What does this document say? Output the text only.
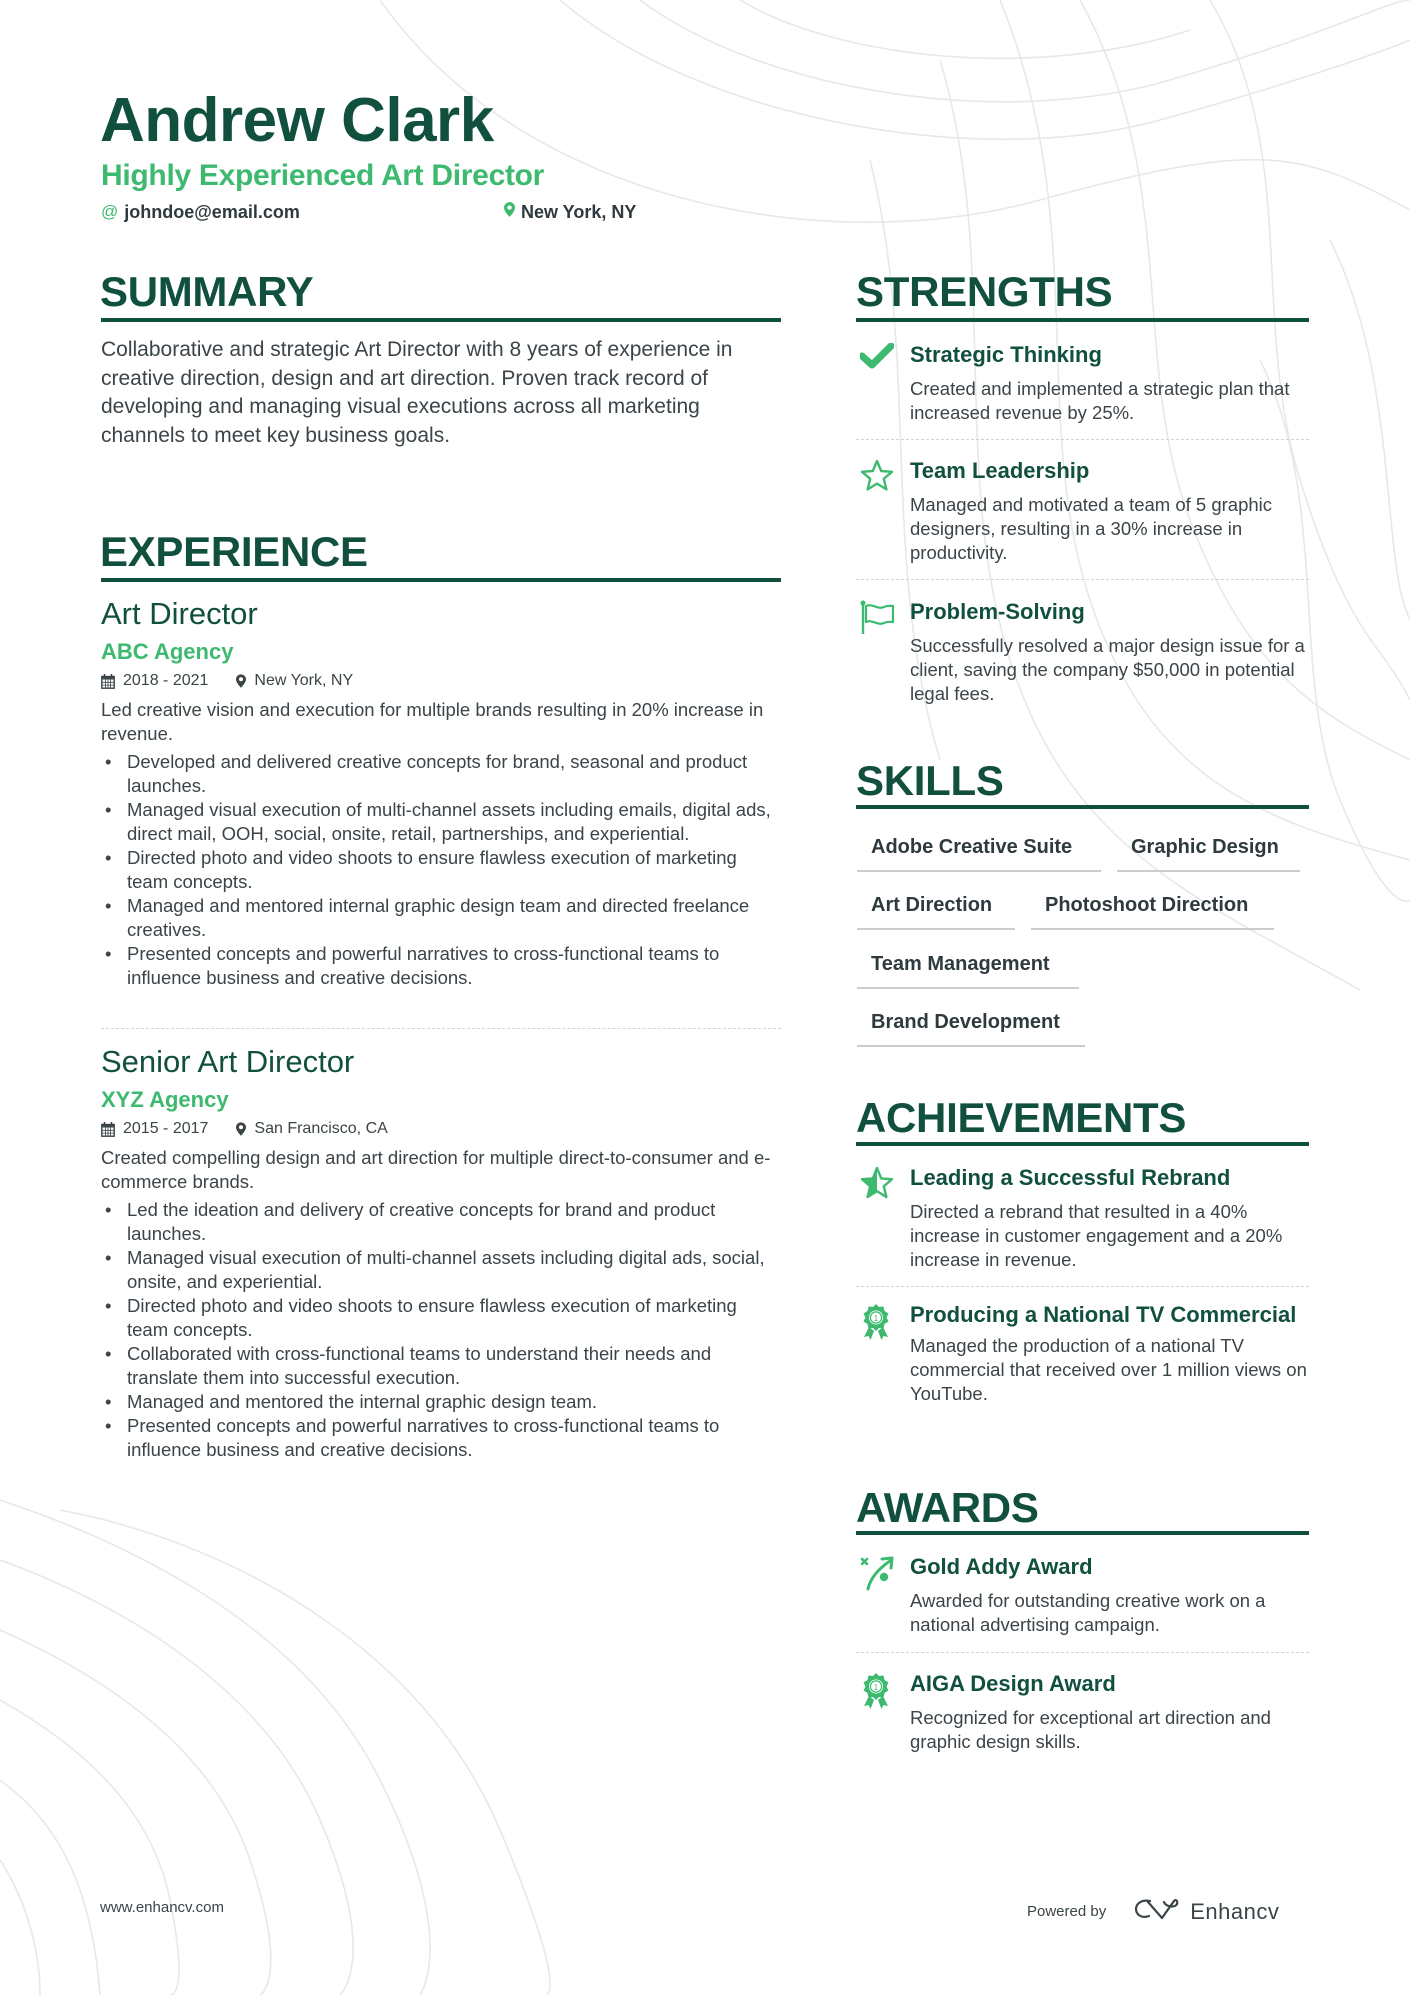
Andrew Clark
Highly Experienced Art Director
@ johndoe@email.com	New York, NY
SUMMARY
Collaborative and strategic Art Director with 8 years of experience in creative direction, design and art direction. Proven track record of developing and managing visual executions across all marketing channels to meet key business goals.
EXPERIENCE
Art Director
ABC Agency
2018 - 2021	New York, NY
Led creative vision and execution for multiple brands resulting in 20% increase in revenue.
• Developed and delivered creative concepts for brand, seasonal and product launches.
• Managed visual execution of multi-channel assets including emails, digital ads, direct mail, OOH, social, onsite, retail, partnerships, and experiential.
• Directed photo and video shoots to ensure flawless execution of marketing team concepts.
• Managed and mentored internal graphic design team and directed freelance creatives.
• Presented concepts and powerful narratives to cross-functional teams to influence business and creative decisions.
Senior Art Director
XYZ Agency
2015 - 2017	San Francisco, CA
Created compelling design and art direction for multiple direct-to-consumer and e-commerce brands.
• Led the ideation and delivery of creative concepts for brand and product launches.
• Managed visual execution of multi-channel assets including digital ads, social, onsite, and experiential.
• Directed photo and video shoots to ensure flawless execution of marketing team concepts.
• Collaborated with cross-functional teams to understand their needs and translate them into successful execution.
• Managed and mentored the internal graphic design team.
• Presented concepts and powerful narratives to cross-functional teams to influence business and creative decisions.
STRENGTHS
Strategic Thinking
Created and implemented a strategic plan that increased revenue by 25%.
Team Leadership
Managed and motivated a team of 5 graphic designers, resulting in a 30% increase in productivity.
Problem-Solving
Successfully resolved a major design issue for a client, saving the company $50,000 in potential legal fees.
SKILLS
Adobe Creative Suite	Graphic Design
Art Direction	Photoshoot Direction
Team Management
Brand Development
ACHIEVEMENTS
Leading a Successful Rebrand
Directed a rebrand that resulted in a 40% increase in customer engagement and a 20% increase in revenue.
1 Producing a National TV Commercial
Managed the production of a national TV commercial that received over 1 million views on YouTube.
AWARDS
Gold Addy Award
Awarded for outstanding creative work on a national advertising campaign.
1 AIGA Design Award
Recognized for exceptional art direction and graphic design skills.
www.enhancv.com	Powered by	Enhancv
